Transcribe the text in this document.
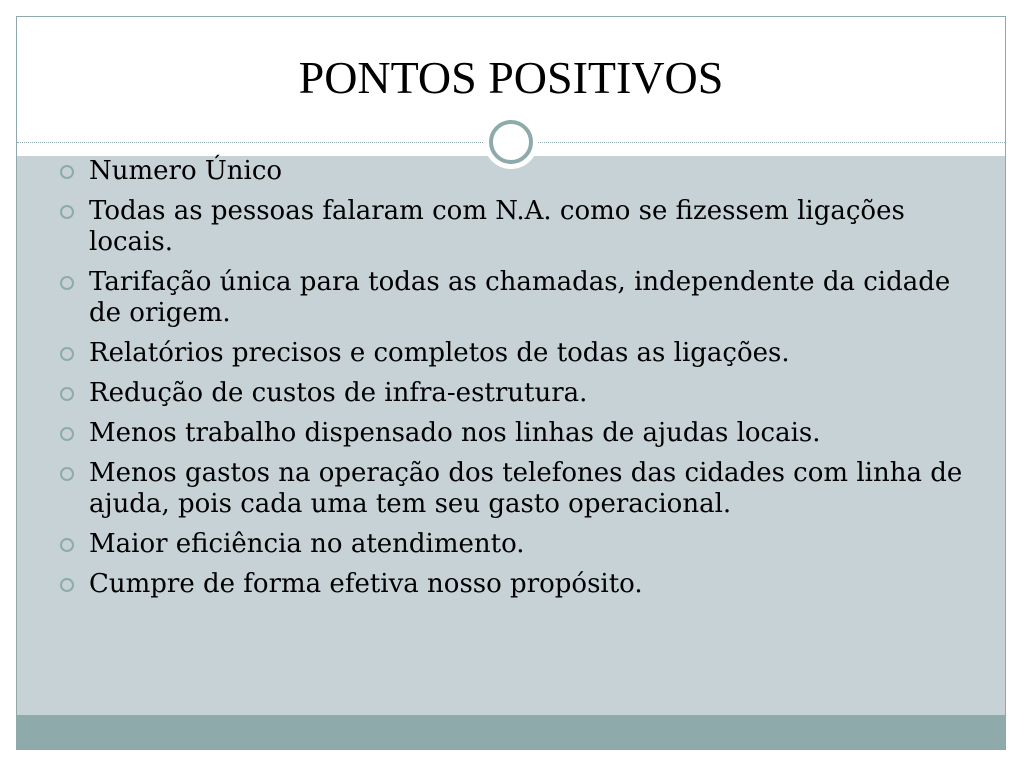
PONTOS POSITIVOS
Numero Único
Todas as pessoas falaram com N.A. como se fizessem ligações locais.
Tarifação única para todas as chamadas, independente da cidade de origem.
Relatórios precisos e completos de todas as ligações.
Redução de custos de infra-estrutura.
Menos trabalho dispensado nos linhas de ajudas locais.
Menos gastos na operação dos telefones das cidades com linha de ajuda, pois cada uma tem seu gasto operacional.
Maior eficiência no atendimento.
Cumpre de forma efetiva nosso propósito.
